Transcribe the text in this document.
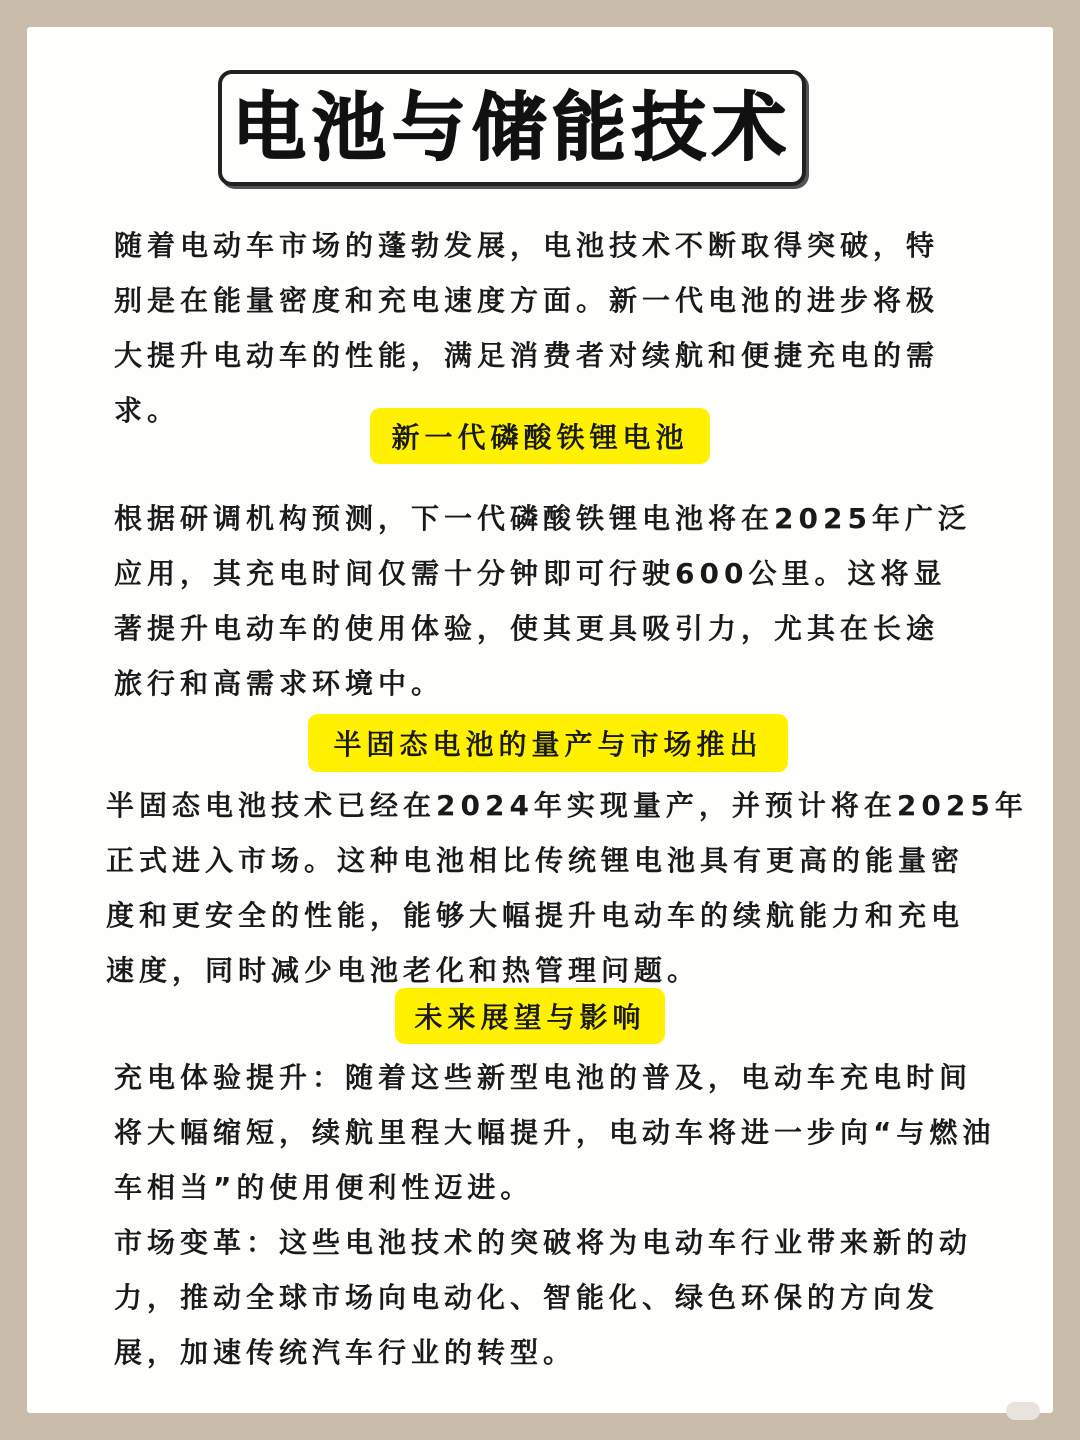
电池与储能技术
随着电动车市场的蓬勃发展，电池技术不断取得突破，特
别是在能量密度和充电速度方面。新一代电池的进步将极
大提升电动车的性能，满足消费者对续航和便捷充电的需
求。
新一代磷酸铁锂电池
根据研调机构预测，下一代磷酸铁锂电池将在2025年广泛
应用，其充电时间仅需十分钟即可行驶600公里。这将显
著提升电动车的使用体验，使其更具吸引力，尤其在长途
旅行和高需求环境中。
半固态电池的量产与市场推出
半固态电池技术已经在2024年实现量产，并预计将在2025年
正式进入市场。这种电池相比传统锂电池具有更高的能量密
度和更安全的性能，能够大幅提升电动车的续航能力和充电
速度，同时减少电池老化和热管理问题。
未来展望与影响
充电体验提升：随着这些新型电池的普及，电动车充电时间
将大幅缩短，续航里程大幅提升，电动车将进一步向“与燃油
车相当”的使用便利性迈进。
市场变革：这些电池技术的突破将为电动车行业带来新的动
力，推动全球市场向电动化、智能化、绿色环保的方向发
展，加速传统汽车行业的转型。
